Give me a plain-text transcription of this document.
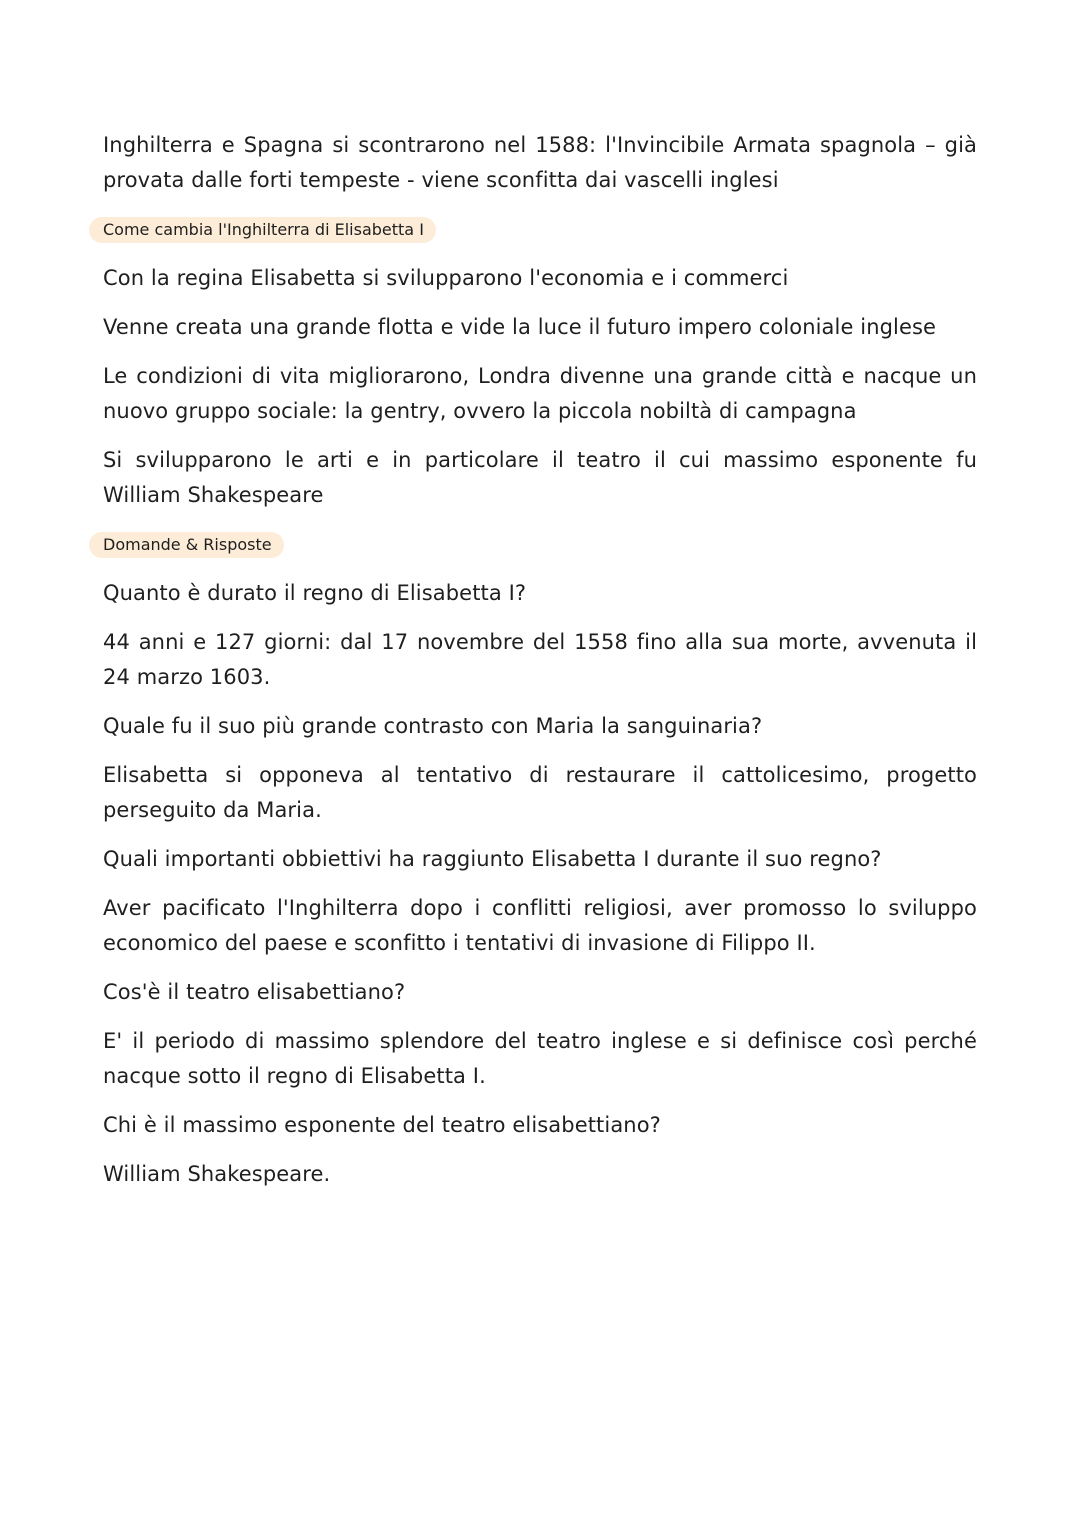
Inghilterra e Spagna si scontrarono nel 1588: l'Invincibile Armata spagnola – già provata dalle forti tempeste - viene sconfitta dai vascelli inglesi

Come cambia l'Inghilterra di Elisabetta I

Con la regina Elisabetta si svilupparono l'economia e i commerci

Venne creata una grande flotta e vide la luce il futuro impero coloniale inglese

Le condizioni di vita migliorarono, Londra divenne una grande città e nacque un nuovo gruppo sociale: la gentry, ovvero la piccola nobiltà di campagna

Si svilupparono le arti e in particolare il teatro il cui massimo esponente fu William Shakespeare

Domande & Risposte

Quanto è durato il regno di Elisabetta I?

44 anni e 127 giorni: dal 17 novembre del 1558 fino alla sua morte, avvenuta il 24 marzo 1603.

Quale fu il suo più grande contrasto con Maria la sanguinaria?

Elisabetta si opponeva al tentativo di restaurare il cattolicesimo, progetto perseguito da Maria.

Quali importanti obbiettivi ha raggiunto Elisabetta I durante il suo regno?

Aver pacificato l'Inghilterra dopo i conflitti religiosi, aver promosso lo sviluppo economico del paese e sconfitto i tentativi di invasione di Filippo II.

Cos'è il teatro elisabettiano?

E' il periodo di massimo splendore del teatro inglese e si definisce così perché nacque sotto il regno di Elisabetta I.

Chi è il massimo esponente del teatro elisabettiano?

William Shakespeare.
